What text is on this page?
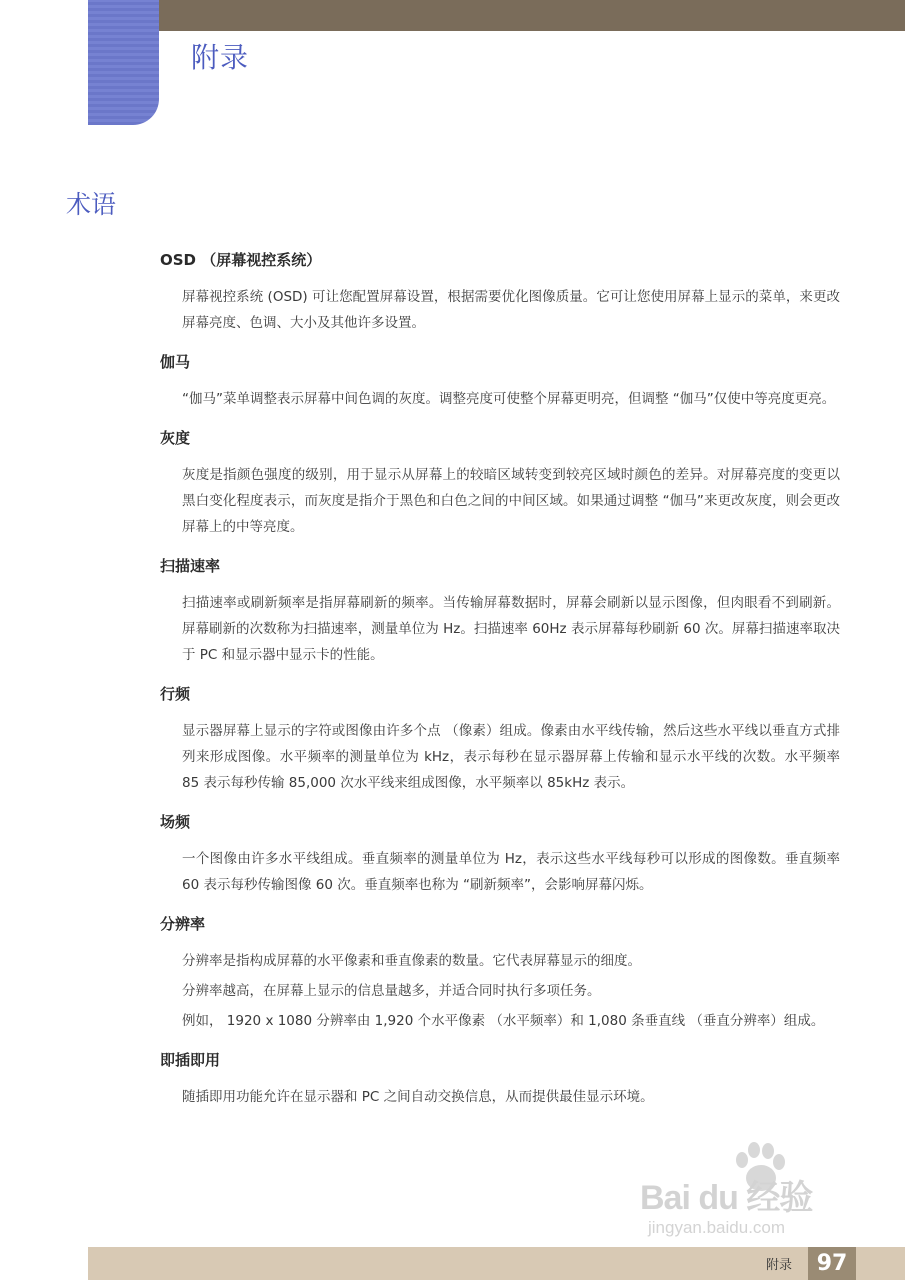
附录
术语

OSD （屏幕视控系统）

屏幕视控系统 (OSD) 可让您配置屏幕设置，根据需要优化图像质量。它可让您使用屏幕上显示的菜单，来更改屏幕亮度、色调、大小及其他许多设置。

伽马

“伽马”菜单调整表示屏幕中间色调的灰度。调整亮度可使整个屏幕更明亮，但调整 “伽马”仅使中等亮度更亮。

灰度

灰度是指颜色强度的级别，用于显示从屏幕上的较暗区域转变到较亮区域时颜色的差异。对屏幕亮度的变更以黑白变化程度表示，而灰度是指介于黑色和白色之间的中间区域。如果通过调整 “伽马”来更改灰度，则会更改屏幕上的中等亮度。

扫描速率

扫描速率或刷新频率是指屏幕刷新的频率。当传输屏幕数据时，屏幕会刷新以显示图像，但肉眼看不到刷新。屏幕刷新的次数称为扫描速率，测量单位为 Hz。扫描速率 60Hz 表示屏幕每秒刷新 60 次。屏幕扫描速率取决于 PC 和显示器中显示卡的性能。

行频

显示器屏幕上显示的字符或图像由许多个点 （像素）组成。像素由水平线传输，然后这些水平线以垂直方式排列来形成图像。水平频率的测量单位为 kHz，表示每秒在显示器屏幕上传输和显示水平线的次数。水平频率 85 表示每秒传输 85,000 次水平线来组成图像，水平频率以 85kHz 表示。

场频

一个图像由许多水平线组成。垂直频率的测量单位为 Hz，表示这些水平线每秒可以形成的图像数。垂直频率 60 表示每秒传输图像 60 次。垂直频率也称为 “刷新频率”，会影响屏幕闪烁。

分辨率

分辨率是指构成屏幕的水平像素和垂直像素的数量。它代表屏幕显示的细度。

分辨率越高，在屏幕上显示的信息量越多，并适合同时执行多项任务。

例如， 1920 x 1080 分辨率由 1,920 个水平像素 （水平频率）和 1,080 条垂直线 （垂直分辨率）组成。

即插即用

随插即用功能允许在显示器和 PC 之间自动交换信息，从而提供最佳显示环境。

Bai du 经验
jingyan.baidu.com
附录	97
